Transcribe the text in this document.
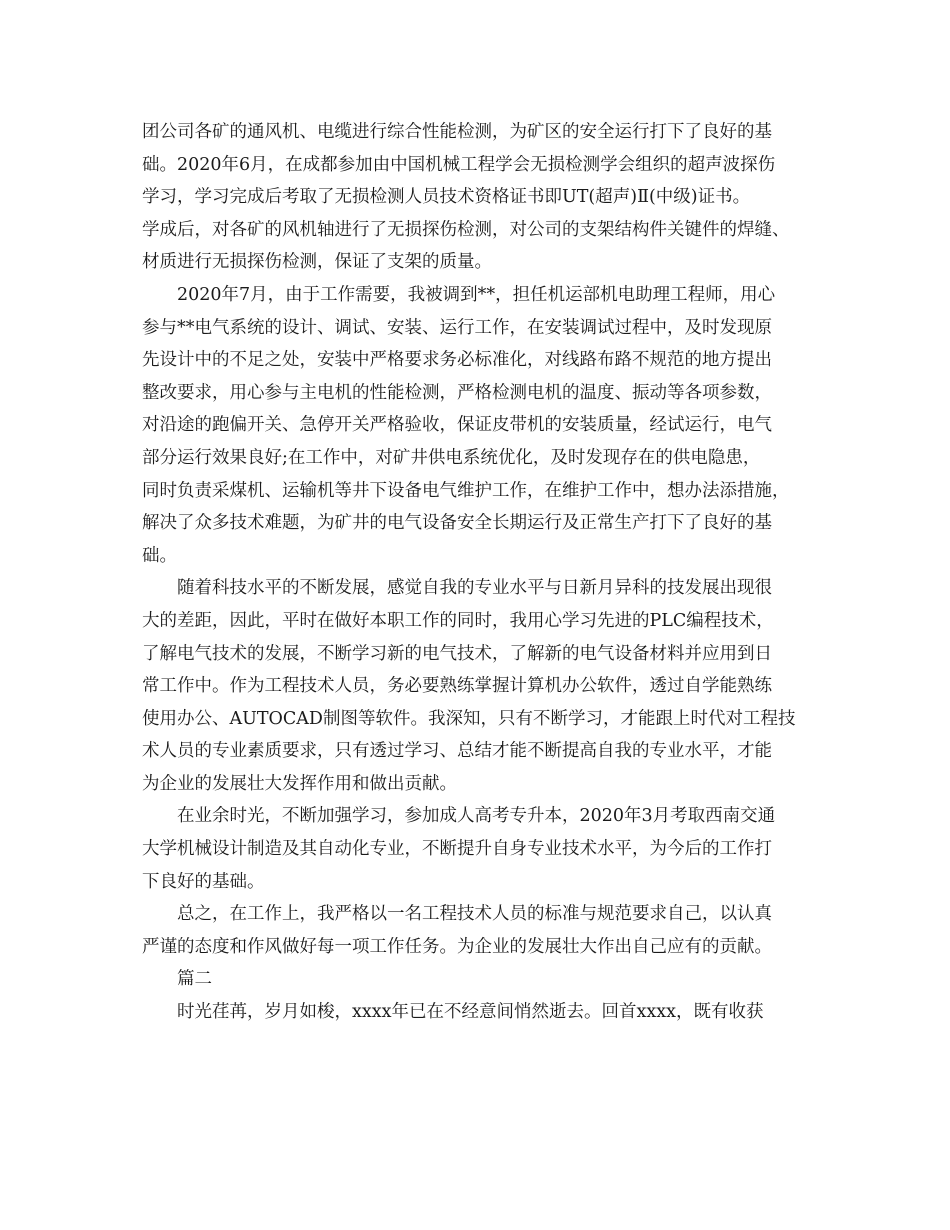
团公司各矿的通风机、电缆进行综合性能检测，为矿区的安全运行打下了良好的基
础。2020年6月，在成都参加由中国机械工程学会无损检测学会组织的超声波探伤
学习，学习完成后考取了无损检测人员技术资格证书即UT(超声)Ⅱ(中级)证书。
学成后，对各矿的风机轴进行了无损探伤检测，对公司的支架结构件关键件的焊缝、
材质进行无损探伤检测，保证了支架的质量。
2020年7月，由于工作需要，我被调到**，担任机运部机电助理工程师，用心
参与**电气系统的设计、调试、安装、运行工作，在安装调试过程中，及时发现原
先设计中的不足之处，安装中严格要求务必标准化，对线路布路不规范的地方提出
整改要求，用心参与主电机的性能检测，严格检测电机的温度、振动等各项参数，
对沿途的跑偏开关、急停开关严格验收，保证皮带机的安装质量，经试运行，电气
部分运行效果良好;在工作中，对矿井供电系统优化，及时发现存在的供电隐患，
同时负责采煤机、运输机等井下设备电气维护工作，在维护工作中，想办法添措施，
解决了众多技术难题，为矿井的电气设备安全长期运行及正常生产打下了良好的基
础。
随着科技水平的不断发展，感觉自我的专业水平与日新月异科的技发展出现很
大的差距，因此，平时在做好本职工作的同时，我用心学习先进的PLC编程技术，
了解电气技术的发展，不断学习新的电气技术，了解新的电气设备材料并应用到日
常工作中。作为工程技术人员，务必要熟练掌握计算机办公软件，透过自学能熟练
使用办公、AUTOCAD制图等软件。我深知，只有不断学习，才能跟上时代对工程技
术人员的专业素质要求，只有透过学习、总结才能不断提高自我的专业水平，才能
为企业的发展壮大发挥作用和做出贡献。
在业余时光，不断加强学习，参加成人高考专升本，2020年3月考取西南交通
大学机械设计制造及其自动化专业，不断提升自身专业技术水平，为今后的工作打
下良好的基础。
总之，在工作上，我严格以一名工程技术人员的标准与规范要求自己，以认真
严谨的态度和作风做好每一项工作任务。为企业的发展壮大作出自己应有的贡献。
篇二
时光荏苒，岁月如梭，xxxx年已在不经意间悄然逝去。回首xxxx，既有收获
